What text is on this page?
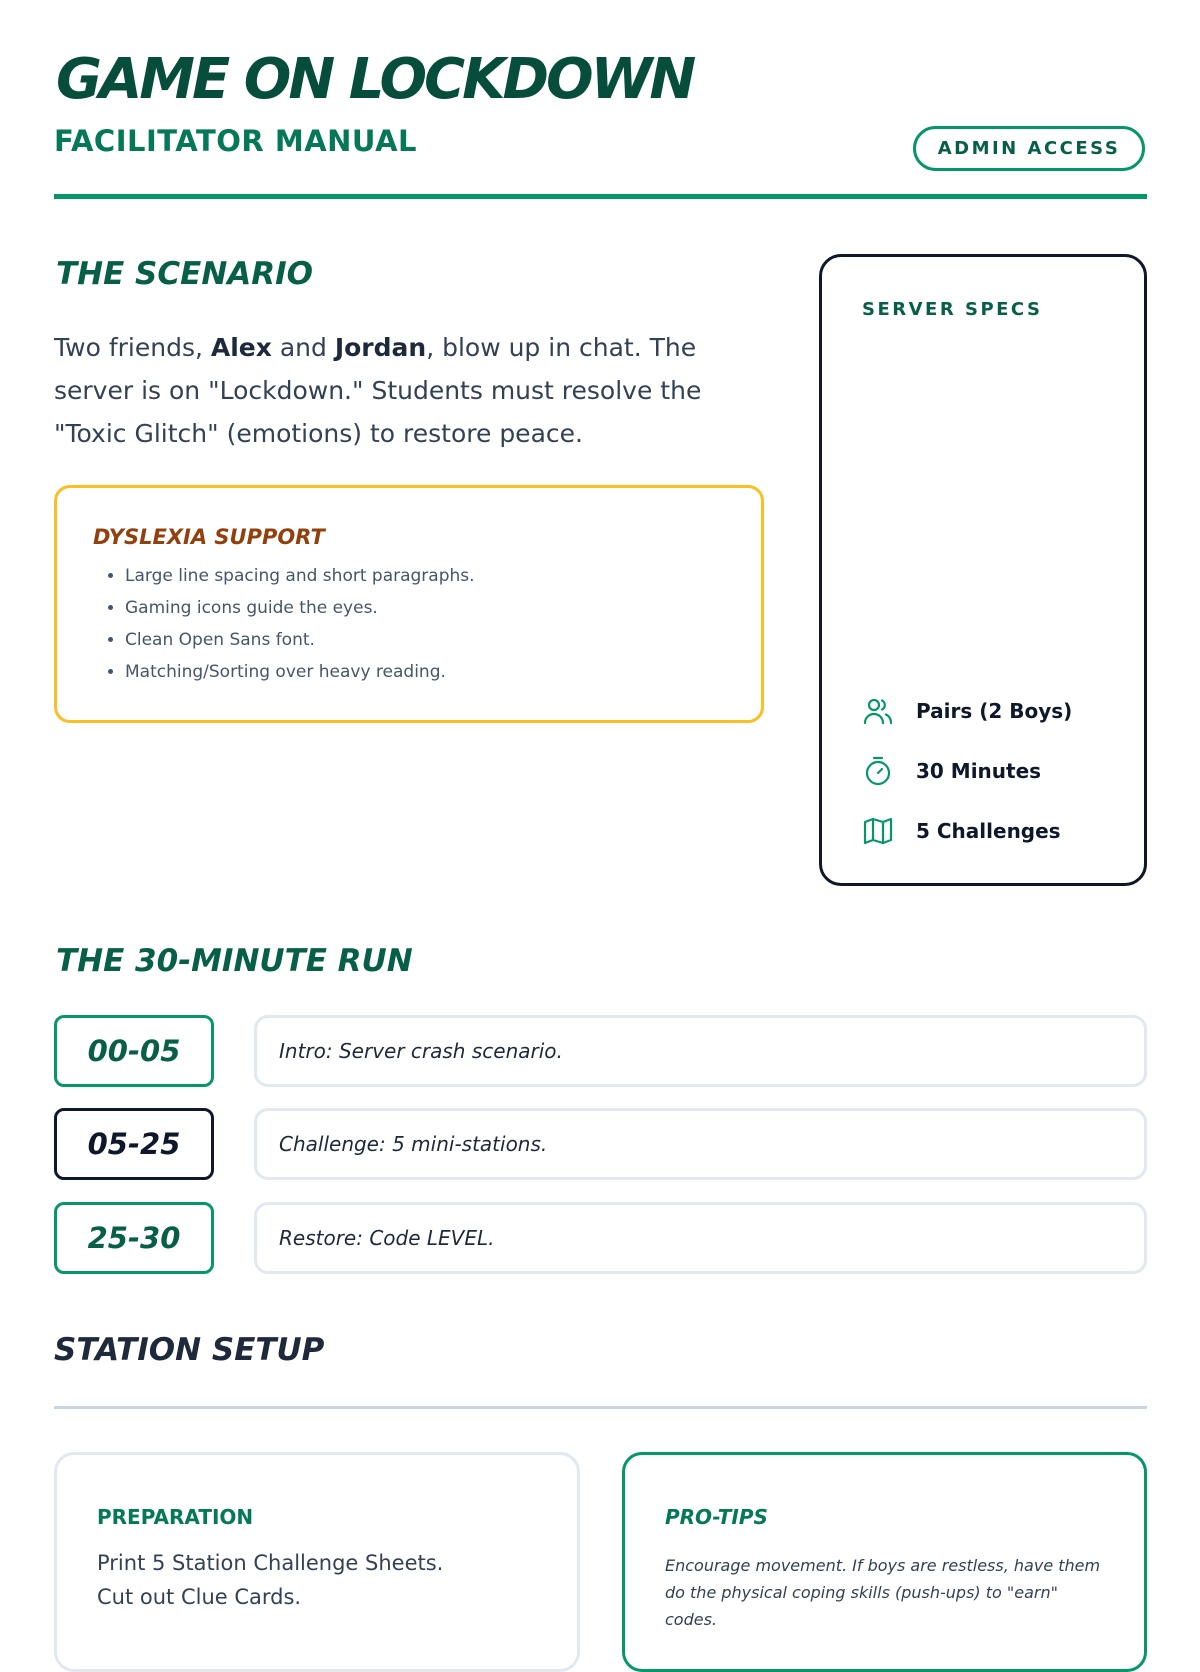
GAME ON LOCKDOWN
FACILITATOR MANUAL	ADMIN ACCESS
THE SCENARIO

Two friends, Alex and Jordan, blow up in chat. The server is on "Lockdown." Students must resolve the "Toxic Glitch" (emotions) to restore peace.

DYSLEXIA SUPPORT
• Large line spacing and short paragraphs.
• Gaming icons guide the eyes.
• Clean Open Sans font.
• Matching/Sorting over heavy reading.
SERVER SPECS
Pairs (2 Boys)
30 Minutes
5 Challenges
THE 30-MINUTE RUN
00-05	Intro: Server crash scenario.
05-25	Challenge: 5 mini-stations.
25-30	Restore: Code LEVEL.
STATION SETUP
PREPARATION
Print 5 Station Challenge Sheets.
Cut out Clue Cards.
PRO-TIPS
Encourage movement. If boys are restless, have them do the physical coping skills (push-ups) to "earn" codes.
